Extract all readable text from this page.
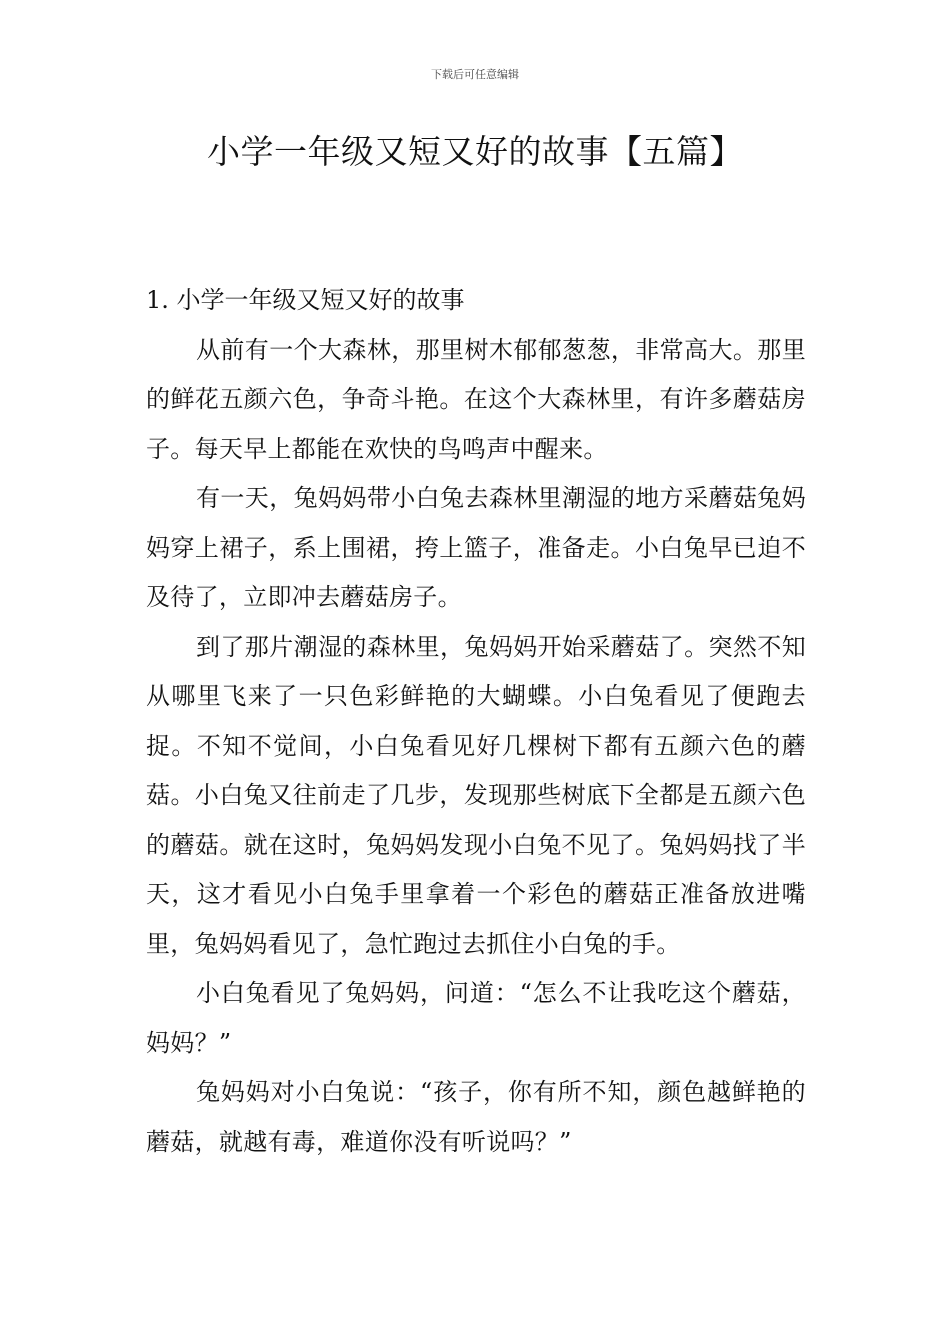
下载后可任意编辑
小学一年级又短又好的故事【五篇】
1. 小学一年级又短又好的故事

从前有一个大森林，那里树木郁郁葱葱，非常高大。那里的鲜花五颜六色，争奇斗艳。在这个大森林里，有许多蘑菇房子。每天早上都能在欢快的鸟鸣声中醒来。

有一天，兔妈妈带小白兔去森林里潮湿的地方采蘑菇兔妈妈穿上裙子，系上围裙，挎上篮子，准备走。小白兔早已迫不及待了，立即冲去蘑菇房子。

到了那片潮湿的森林里，兔妈妈开始采蘑菇了。突然不知从哪里飞来了一只色彩鲜艳的大蝴蝶。小白兔看见了便跑去捉。不知不觉间，小白兔看见好几棵树下都有五颜六色的蘑菇。小白兔又往前走了几步，发现那些树底下全都是五颜六色的蘑菇。就在这时，兔妈妈发现小白兔不见了。兔妈妈找了半天，这才看见小白兔手里拿着一个彩色的蘑菇正准备放进嘴里，兔妈妈看见了，急忙跑过去抓住小白兔的手。

小白兔看见了兔妈妈，问道：“怎么不让我吃这个蘑菇，妈妈？”

兔妈妈对小白兔说：“孩子，你有所不知，颜色越鲜艳的蘑菇，就越有毒，难道你没有听说吗？”
